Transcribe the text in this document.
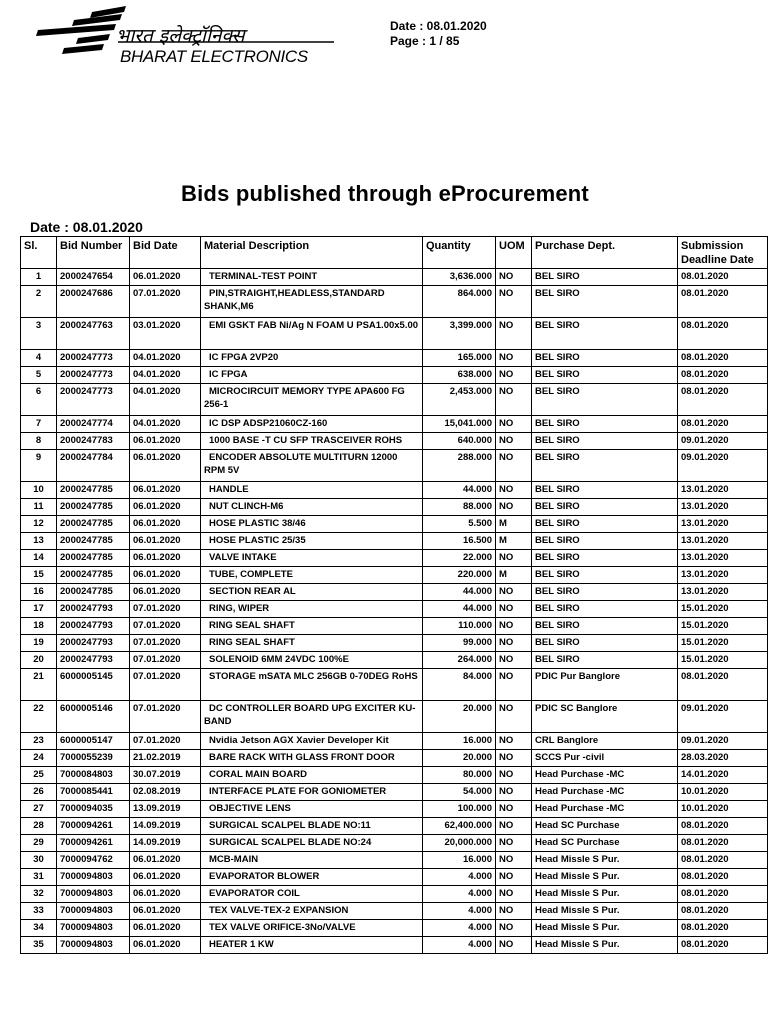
भारत इलेक्ट्रॉनिक्स
BHARAT ELECTRONICS
Date : 08.01.2020
Page : 1 / 85
Bids published through eProcurement
Date : 08.01.2020
Sl.	Bid Number	Bid Date	Material Description	Quantity	UOM	Purchase Dept.	Submission Deadline Date
1	2000247654	06.01.2020	TERMINAL-TEST POINT	3,636.000	NO	BEL SIRO	08.01.2020
2	2000247686	07.01.2020	PIN,STRAIGHT,HEADLESS,STANDARD SHANK,M6	864.000	NO	BEL SIRO	08.01.2020
3	2000247763	03.01.2020	EMI GSKT FAB Ni/Ag N FOAM U PSA1.00x5.00	3,399.000	NO	BEL SIRO	08.01.2020
4	2000247773	04.01.2020	IC FPGA 2VP20	165.000	NO	BEL SIRO	08.01.2020
5	2000247773	04.01.2020	IC FPGA	638.000	NO	BEL SIRO	08.01.2020
6	2000247773	04.01.2020	MICROCIRCUIT MEMORY TYPE APA600 FG 256-1	2,453.000	NO	BEL SIRO	08.01.2020
7	2000247774	04.01.2020	IC DSP ADSP21060CZ-160	15,041.000	NO	BEL SIRO	08.01.2020
8	2000247783	06.01.2020	1000 BASE -T CU SFP TRASCEIVER ROHS	640.000	NO	BEL SIRO	09.01.2020
9	2000247784	06.01.2020	ENCODER ABSOLUTE MULTITURN 12000 RPM 5V	288.000	NO	BEL SIRO	09.01.2020
10	2000247785	06.01.2020	HANDLE	44.000	NO	BEL SIRO	13.01.2020
11	2000247785	06.01.2020	NUT CLINCH-M6	88.000	NO	BEL SIRO	13.01.2020
12	2000247785	06.01.2020	HOSE PLASTIC 38/46	5.500	M	BEL SIRO	13.01.2020
13	2000247785	06.01.2020	HOSE PLASTIC 25/35	16.500	M	BEL SIRO	13.01.2020
14	2000247785	06.01.2020	VALVE INTAKE	22.000	NO	BEL SIRO	13.01.2020
15	2000247785	06.01.2020	TUBE, COMPLETE	220.000	M	BEL SIRO	13.01.2020
16	2000247785	06.01.2020	SECTION REAR AL	44.000	NO	BEL SIRO	13.01.2020
17	2000247793	07.01.2020	RING, WIPER	44.000	NO	BEL SIRO	15.01.2020
18	2000247793	07.01.2020	RING SEAL SHAFT	110.000	NO	BEL SIRO	15.01.2020
19	2000247793	07.01.2020	RING SEAL SHAFT	99.000	NO	BEL SIRO	15.01.2020
20	2000247793	07.01.2020	SOLENOID 6MM 24VDC 100%E	264.000	NO	BEL SIRO	15.01.2020
21	6000005145	07.01.2020	STORAGE mSATA MLC 256GB 0-70DEG RoHS	84.000	NO	PDIC Pur Banglore	08.01.2020
22	6000005146	07.01.2020	DC CONTROLLER BOARD UPG EXCITER KU-BAND	20.000	NO	PDIC SC Banglore	09.01.2020
23	6000005147	07.01.2020	Nvidia Jetson AGX Xavier Developer Kit	16.000	NO	CRL Banglore	09.01.2020
24	7000055239	21.02.2019	BARE RACK WITH GLASS FRONT DOOR	20.000	NO	SCCS Pur -civil	28.03.2020
25	7000084803	30.07.2019	CORAL MAIN BOARD	80.000	NO	Head Purchase -MC	14.01.2020
26	7000085441	02.08.2019	INTERFACE PLATE FOR GONIOMETER	54.000	NO	Head Purchase -MC	10.01.2020
27	7000094035	13.09.2019	OBJECTIVE LENS	100.000	NO	Head Purchase -MC	10.01.2020
28	7000094261	14.09.2019	SURGICAL SCALPEL BLADE NO:11	62,400.000	NO	Head SC Purchase	08.01.2020
29	7000094261	14.09.2019	SURGICAL SCALPEL BLADE NO:24	20,000.000	NO	Head SC Purchase	08.01.2020
30	7000094762	06.01.2020	MCB-MAIN	16.000	NO	Head Missle S Pur.	08.01.2020
31	7000094803	06.01.2020	EVAPORATOR BLOWER	4.000	NO	Head Missle S Pur.	08.01.2020
32	7000094803	06.01.2020	EVAPORATOR COIL	4.000	NO	Head Missle S Pur.	08.01.2020
33	7000094803	06.01.2020	TEX VALVE-TEX-2 EXPANSION	4.000	NO	Head Missle S Pur.	08.01.2020
34	7000094803	06.01.2020	TEX VALVE ORIFICE-3No/VALVE	4.000	NO	Head Missle S Pur.	08.01.2020
35	7000094803	06.01.2020	HEATER 1 KW	4.000	NO	Head Missle S Pur.	08.01.2020
